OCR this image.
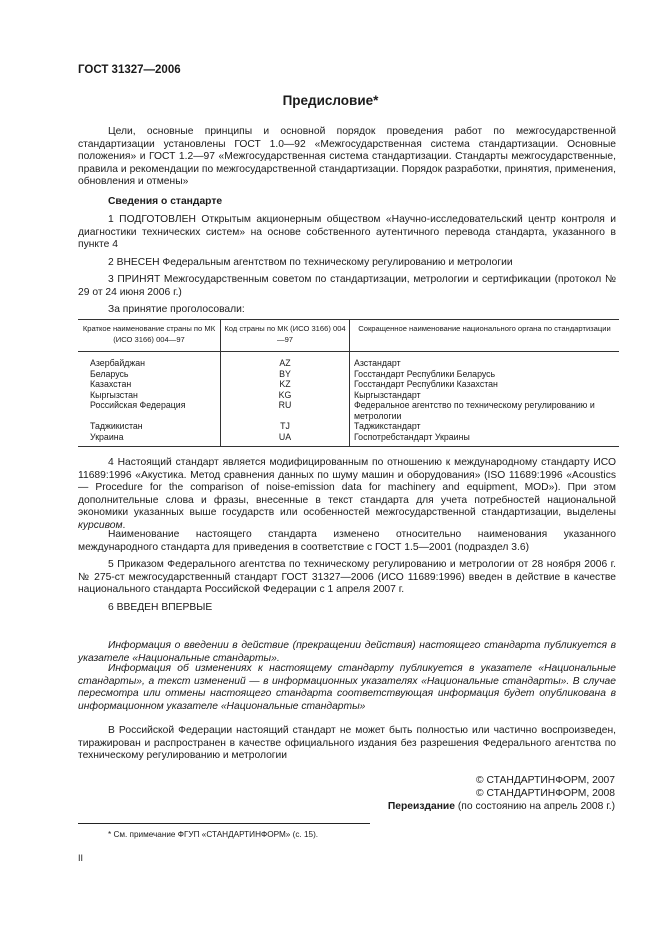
ГОСТ 31327—2006
Предисловие*

Цели, основные принципы и основной порядок проведения работ по межгосударственной стандартизации установлены ГОСТ 1.0—92 «Межгосударственная система стандартизации. Основные положения» и ГОСТ 1.2—97 «Межгосударственная система стандартизации. Стандарты межгосударственные, правила и рекомендации по межгосударственной стандартизации. Порядок разработки, принятия, применения, обновления и отмены»

Сведения о стандарте

1 ПОДГОТОВЛЕН Открытым акционерным обществом «Научно-исследовательский центр контроля и диагностики технических систем» на основе собственного аутентичного перевода стандарта, указанного в пункте 4

2 ВНЕСЕН Федеральным агентством по техническому регулированию и метрологии

3 ПРИНЯТ Межгосударственным советом по стандартизации, метрологии и сертификации (протокол № 29 от 24 июня 2006 г.)

За принятие проголосовали:

Краткое наименование страны по МК (ИСО 3166) 004—97	Код страны по МК (ИСО 3166) 004—97	Сокращенное наименование национального органа по стандартизации
Азербайджан	AZ	Азстандарт
Беларусь	BY	Госстандарт Республики Беларусь
Казахстан	KZ	Госстандарт Республики Казахстан
Кыргызстан	KG	Кыргызстандарт
Российская Федерация	RU	Федеральное агентство по техническому регулированию и метрологии
Таджикистан	TJ	Таджикстандарт
Украина	UA	Госпотребстандарт Украины

4 Настоящий стандарт является модифицированным по отношению к международному стандарту ИСО 11689:1996 «Акустика. Метод сравнения данных по шуму машин и оборудования» (ISO 11689:1996 «Acoustics — Procedure for the comparison of noise-emission data for machinery and equipment, MOD»). При этом дополнительные слова и фразы, внесенные в текст стандарта для учета потребностей национальной экономики указанных выше государств или особенностей межгосударственной стандартизации, выделены курсивом.

Наименование настоящего стандарта изменено относительно наименования указанного международного стандарта для приведения в соответствие с ГОСТ 1.5—2001 (подраздел 3.6)

5 Приказом Федерального агентства по техническому регулированию и метрологии от 28 ноября 2006 г. № 275-ст межгосударственный стандарт ГОСТ 31327—2006 (ИСО 11689:1996) введен в действие в качестве национального стандарта Российской Федерации с 1 апреля 2007 г.

6 ВВЕДЕН ВПЕРВЫЕ

Информация о введении в действие (прекращении действия) настоящего стандарта публикуется в указателе «Национальные стандарты».

Информация об изменениях к настоящему стандарту публикуется в указателе «Национальные стандарты», а текст изменений — в информационных указателях «Национальные стандарты». В случае пересмотра или отмены настоящего стандарта соответствующая информация будет опубликована в информационном указателе «Национальные стандарты»

В Российской Федерации настоящий стандарт не может быть полностью или частично воспроизведен, тиражирован и распространен в качестве официального издания без разрешения Федерального агентства по техническому регулированию и метрологии

© СТАНДАРТИНФОРМ, 2007
© СТАНДАРТИНФОРМ, 2008
Переиздание (по состоянию на апрель 2008 г.)
* См. примечание ФГУП «СТАНДАРТИНФОРМ» (с. 15).
II
